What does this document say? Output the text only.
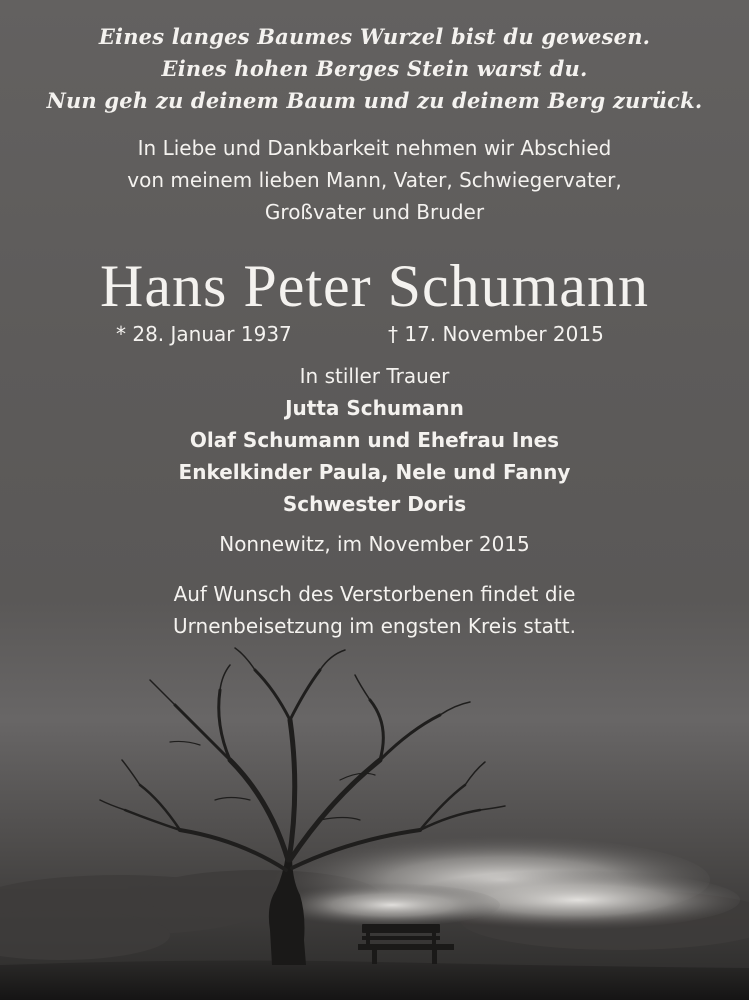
Eines langes Baumes Wurzel bist du gewesen.

Eines hohen Berges Stein warst du.

Nun geh zu deinem Baum und zu deinem Berg zurück.

In Liebe und Dankbarkeit nehmen wir Abschied

von meinem lieben Mann, Vater, Schwiegervater,

Großvater und Bruder

Hans Peter Schumann

* 28. Januar 1937	† 17. November 2015

In stiller Trauer

Jutta Schumann

Olaf Schumann und Ehefrau Ines

Enkelkinder Paula, Nele und Fanny

Schwester Doris

Nonnewitz, im November 2015

Auf Wunsch des Verstorbenen findet die

Urnenbeisetzung im engsten Kreis statt.
